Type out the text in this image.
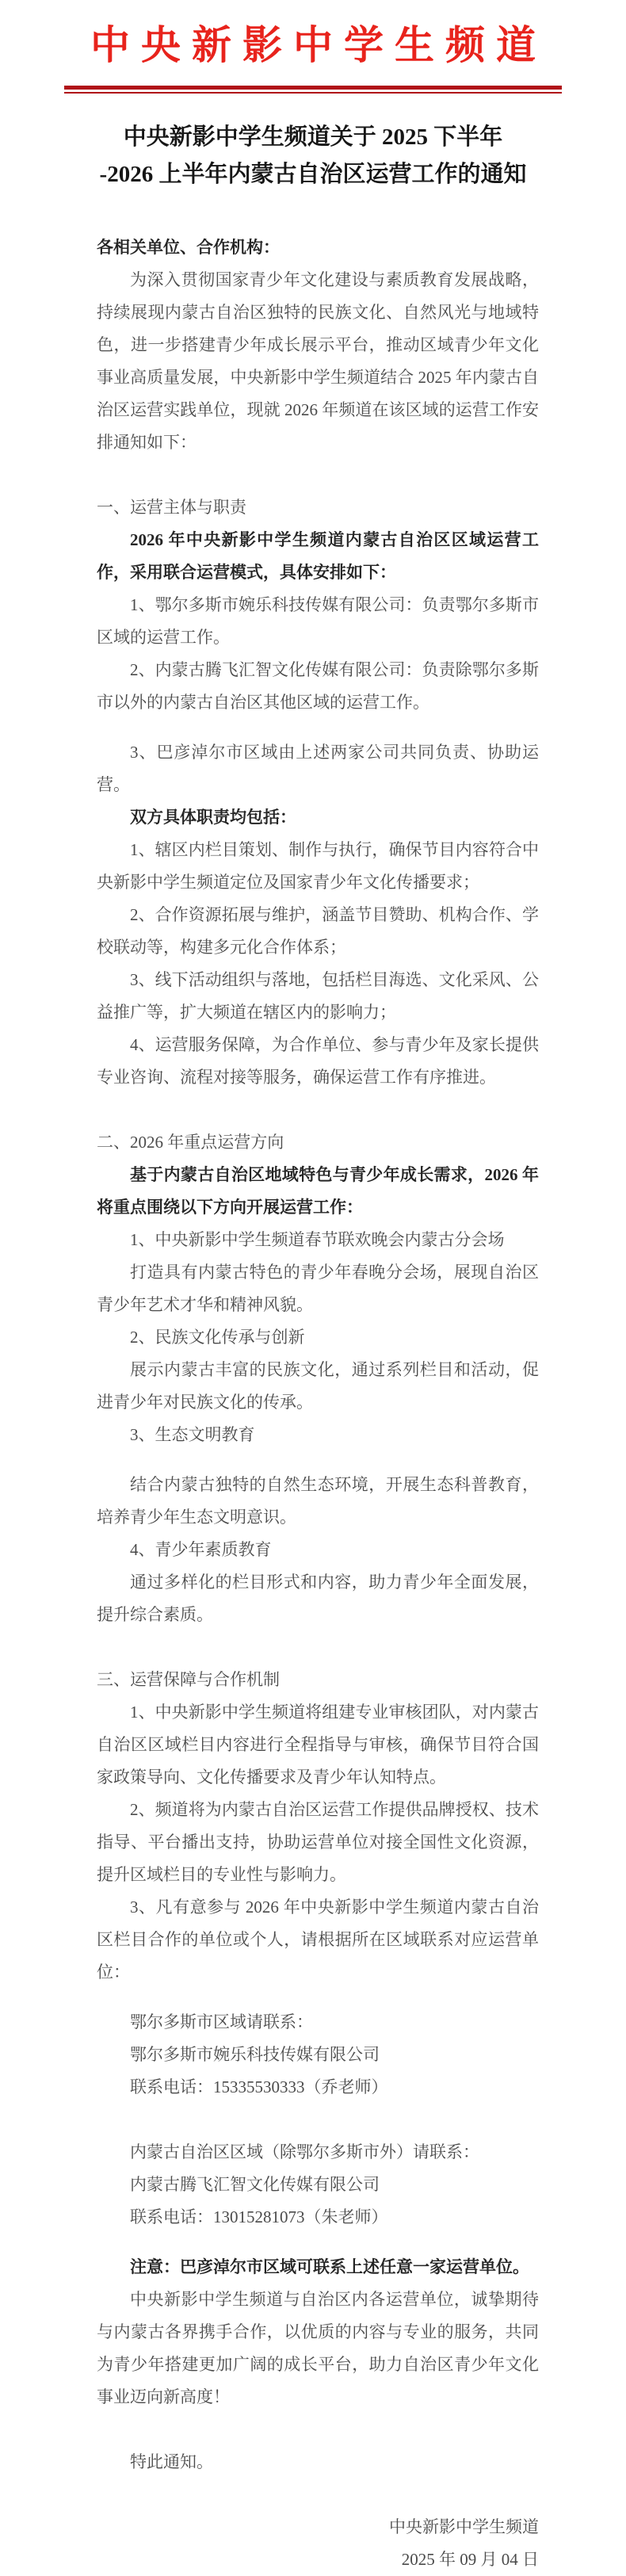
中央新影中学生频道
中央新影中学生频道关于 2025 下半年
-2026 上半年内蒙古自治区运营工作的通知
各相关单位、合作机构：
为深入贯彻国家青少年文化建设与素质教育发展战略，持续展现内蒙古自治区独特的民族文化、自然风光与地域特色，进一步搭建青少年成长展示平台，推动区域青少年文化事业高质量发展，中央新影中学生频道结合 2025 年内蒙古自治区运营实践单位，现就 2026 年频道在该区域的运营工作安排通知如下：
一、运营主体与职责
2026 年中央新影中学生频道内蒙古自治区区域运营工作，采用联合运营模式，具体安排如下：
1、鄂尔多斯市婉乐科技传媒有限公司：负责鄂尔多斯市区域的运营工作。
2、内蒙古腾飞汇智文化传媒有限公司：负责除鄂尔多斯市以外的内蒙古自治区其他区域的运营工作。
3、巴彦淖尔市区域由上述两家公司共同负责、协助运营。
双方具体职责均包括：
1、辖区内栏目策划、制作与执行，确保节目内容符合中央新影中学生频道定位及国家青少年文化传播要求；
2、合作资源拓展与维护，涵盖节目赞助、机构合作、学校联动等，构建多元化合作体系；
3、线下活动组织与落地，包括栏目海选、文化采风、公益推广等，扩大频道在辖区内的影响力；
4、运营服务保障，为合作单位、参与青少年及家长提供专业咨询、流程对接等服务，确保运营工作有序推进。
二、2026 年重点运营方向
基于内蒙古自治区地域特色与青少年成长需求，2026 年将重点围绕以下方向开展运营工作：
1、中央新影中学生频道春节联欢晚会内蒙古分会场
打造具有内蒙古特色的青少年春晚分会场，展现自治区青少年艺术才华和精神风貌。
2、民族文化传承与创新
展示内蒙古丰富的民族文化，通过系列栏目和活动，促进青少年对民族文化的传承。
3、生态文明教育
结合内蒙古独特的自然生态环境，开展生态科普教育，培养青少年生态文明意识。
4、青少年素质教育
通过多样化的栏目形式和内容，助力青少年全面发展，提升综合素质。
三、运营保障与合作机制
1、中央新影中学生频道将组建专业审核团队，对内蒙古自治区区域栏目内容进行全程指导与审核，确保节目符合国家政策导向、文化传播要求及青少年认知特点。
2、频道将为内蒙古自治区运营工作提供品牌授权、技术指导、平台播出支持，协助运营单位对接全国性文化资源，提升区域栏目的专业性与影响力。
3、凡有意参与 2026 年中央新影中学生频道内蒙古自治区栏目合作的单位或个人，请根据所在区域联系对应运营单位：
鄂尔多斯市区域请联系：
鄂尔多斯市婉乐科技传媒有限公司
联系电话：15335530333（乔老师）
内蒙古自治区区域（除鄂尔多斯市外）请联系：
内蒙古腾飞汇智文化传媒有限公司
联系电话：13015281073（朱老师）
注意：巴彦淖尔市区域可联系上述任意一家运营单位。
中央新影中学生频道与自治区内各运营单位，诚挚期待与内蒙古各界携手合作，以优质的内容与专业的服务，共同为青少年搭建更加广阔的成长平台，助力自治区青少年文化事业迈向新高度！
特此通知。
中央新影中学生频道
2025 年 09 月 04 日
